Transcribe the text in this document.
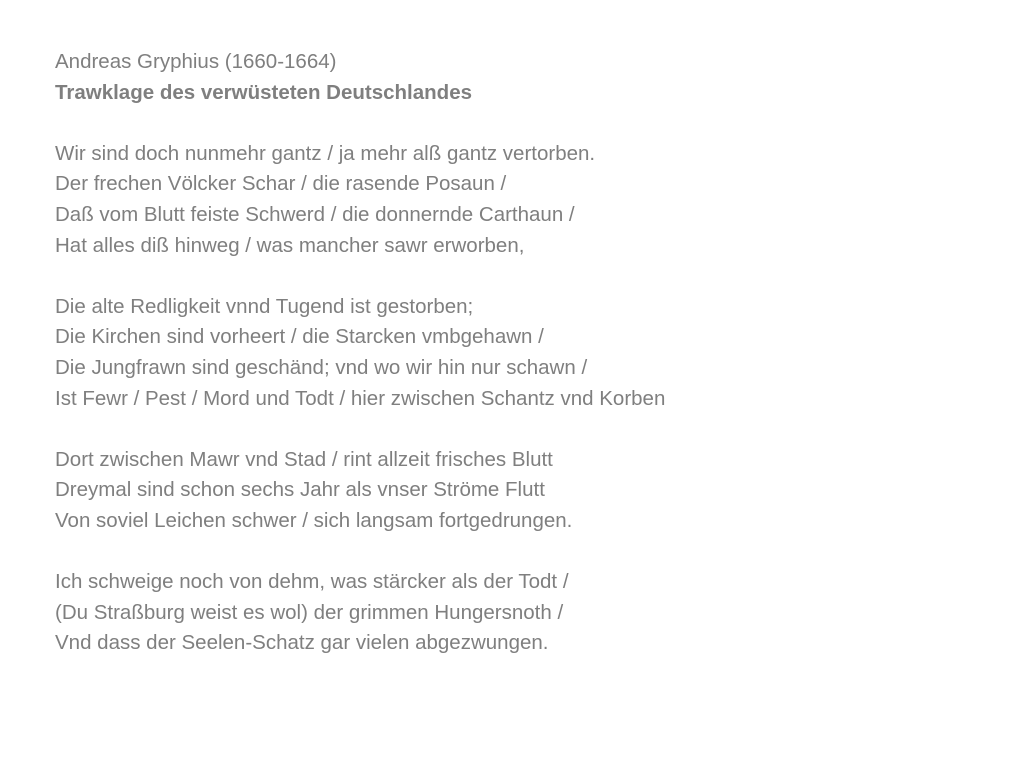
Andreas Gryphius (1660-1664)
Trawklage des verwüsteten Deutschlandes
Wir sind doch nunmehr gantz / ja mehr alß gantz vertorben.
Der frechen Völcker Schar / die rasende Posaun /
Daß vom Blutt feiste Schwerd / die donnernde Carthaun /
Hat alles diß hinweg / was mancher sawr erworben,
Die alte Redligkeit vnnd Tugend ist gestorben;
Die Kirchen sind vorheert / die Starcken vmbgehawn /
Die Jungfrawn sind geschänd; vnd wo wir hin nur schawn /
Ist Fewr / Pest / Mord und Todt / hier zwischen Schantz vnd Korben
Dort zwischen Mawr vnd Stad / rint allzeit frisches Blutt
Dreymal sind schon sechs Jahr als vnser Ströme Flutt
Von soviel Leichen schwer / sich langsam fortgedrungen.
Ich schweige noch von dehm, was stärcker als der Todt /
(Du Straßburg weist es wol) der grimmen Hungersnoth /
Vnd dass der Seelen-Schatz gar vielen abgezwungen.
